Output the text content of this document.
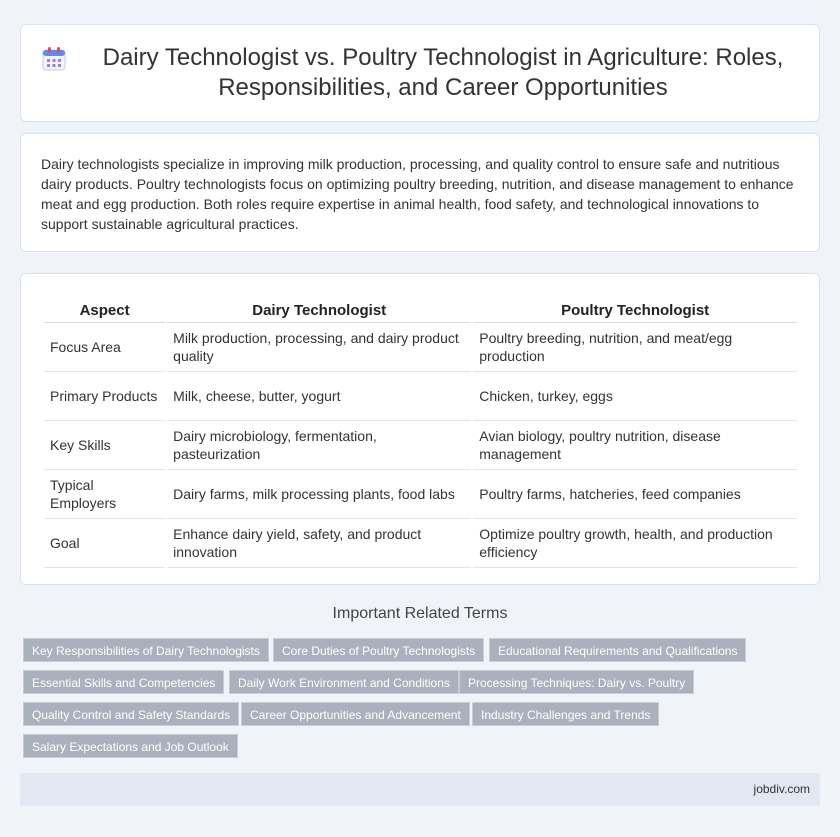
Dairy Technologist vs. Poultry Technologist in Agriculture: Roles, Responsibilities, and Career Opportunities

Dairy technologists specialize in improving milk production, processing, and quality control to ensure safe and nutritious dairy products. Poultry technologists focus on optimizing poultry breeding, nutrition, and disease management to enhance meat and egg production. Both roles require expertise in animal health, food safety, and technological innovations to support sustainable agricultural practices.

Aspect	Dairy Technologist	Poultry Technologist
Focus Area	Milk production, processing, and dairy product quality	Poultry breeding, nutrition, and meat/egg production
Primary Products	Milk, cheese, butter, yogurt	Chicken, turkey, eggs
Key Skills	Dairy microbiology, fermentation, pasteurization	Avian biology, poultry nutrition, disease management
Typical Employers	Dairy farms, milk processing plants, food labs	Poultry farms, hatcheries, feed companies
Goal	Enhance dairy yield, safety, and product innovation	Optimize poultry growth, health, and production efficiency
Important Related Terms
Key Responsibilities of Dairy Technologists	Core Duties of Poultry Technologists	Educational Requirements and Qualifications
Essential Skills and Competencies	Daily Work Environment and Conditions	Processing Techniques: Dairy vs. Poultry
Quality Control and Safety Standards	Career Opportunities and Advancement	Industry Challenges and Trends
Salary Expectations and Job Outlook
jobdiv.com
